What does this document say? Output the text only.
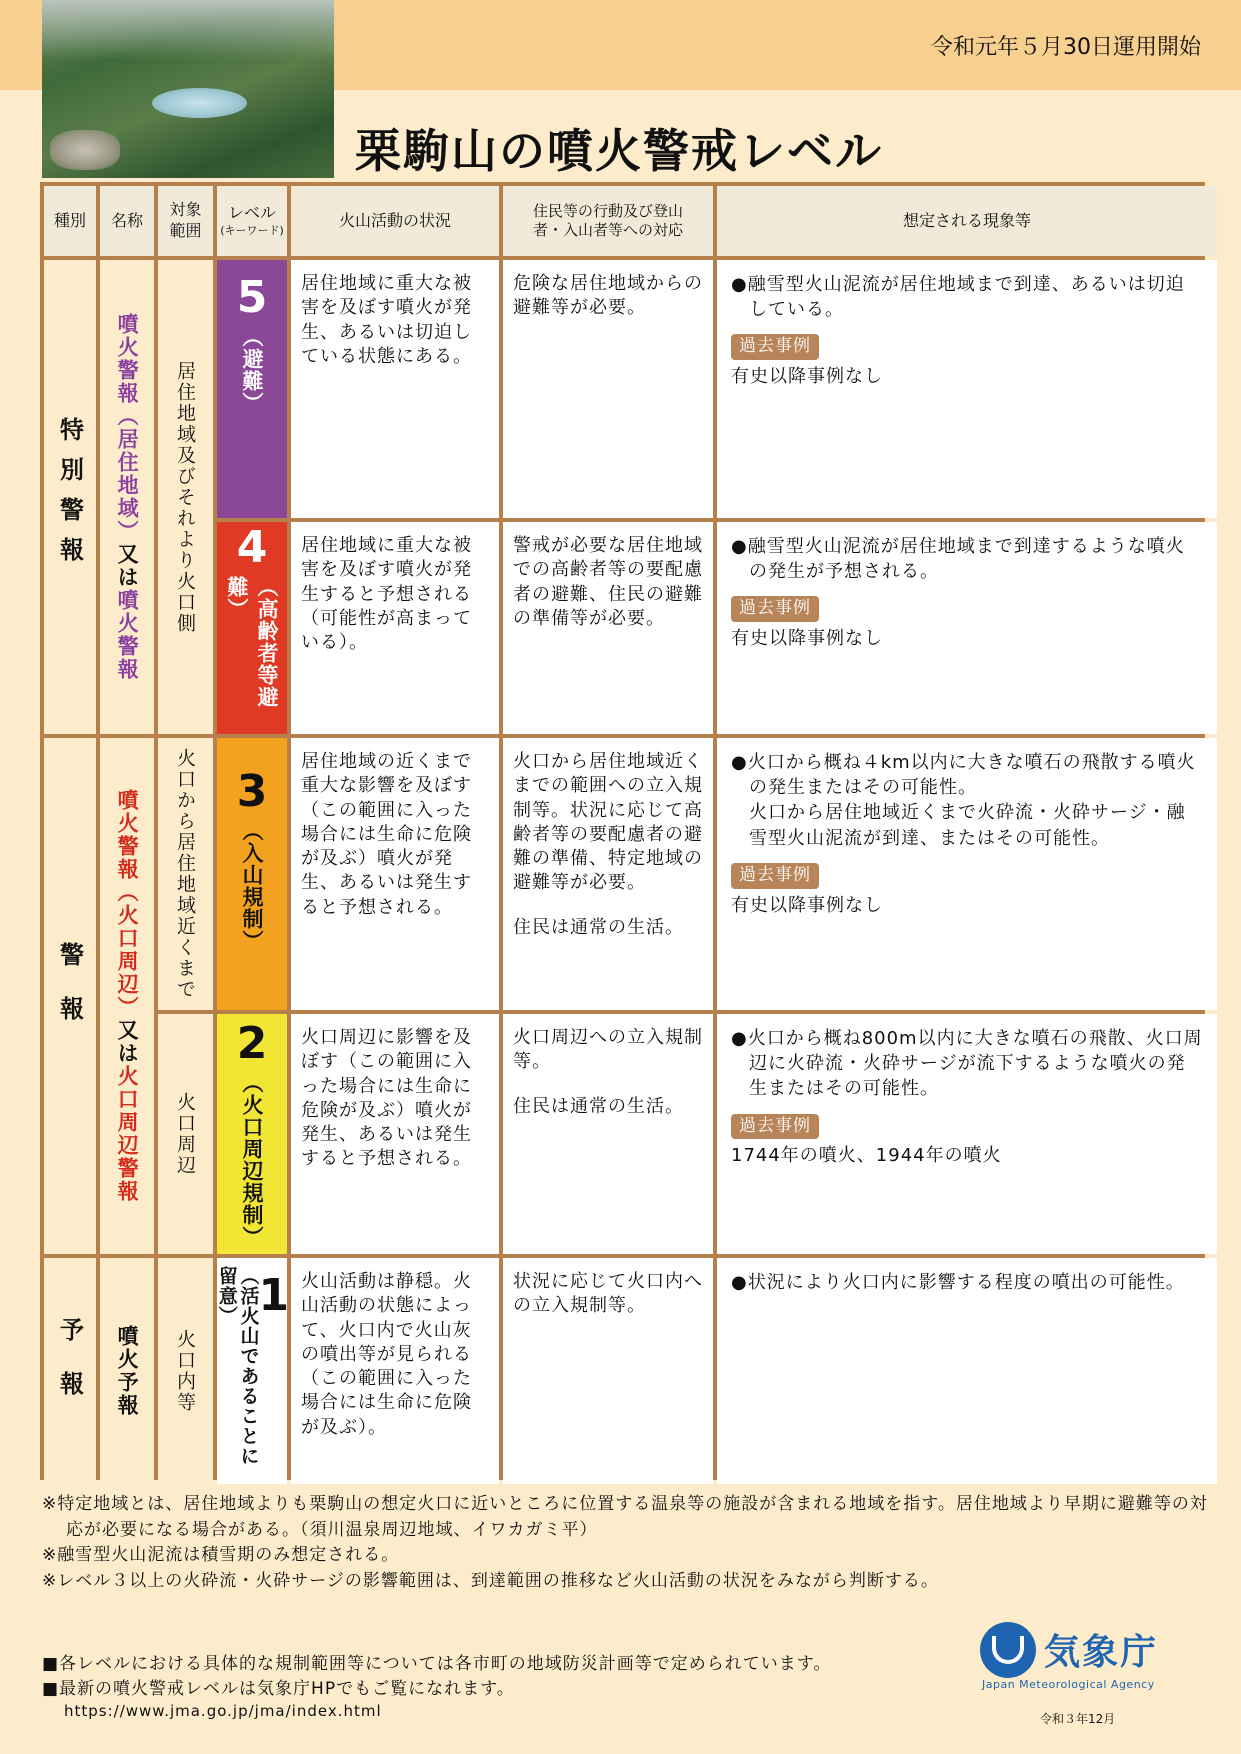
令和元年５月30日運用開始
栗駒山の噴火警戒レベル
種別	名称
対象範囲
レベル
(キーワード)
火山活動の状況
住民等の行動及び登山者・入山者等への対応
想定される現象等
特別警報
警報
予報
噴火警報（居住地域）又は噴火警報
噴火警報（火口周辺）又は火口周辺警報
噴火予報
居住地域及びそれより火口側
火口から居住地域近くまで
火口周辺
火口内等
5
（避難）
居住地域に重大な被害を及ぼす噴火が発生、あるいは切迫している状態にある。
危険な居住地域からの避難等が必要。

●融雪型火山泥流が居住地域まで到達、あるいは切迫している。

過去事例

有史以降事例なし

4
（高齢者等避難）
居住地域に重大な被害を及ぼす噴火が発生すると予想される（可能性が高まっている）。
警戒が必要な居住地域での高齢者等の要配慮者の避難、住民の避難の準備等が必要。

●融雪型火山泥流が居住地域まで到達するような噴火の発生が予想される。

過去事例

有史以降事例なし

3
（入山規制）
居住地域の近くまで重大な影響を及ぼす（この範囲に入った場合には生命に危険が及ぶ）噴火が発生、あるいは発生すると予想される。

火口から居住地域近くまでの範囲への立入規制等。状況に応じて高齢者等の要配慮者の避難の準備、特定地域の避難等が必要。

住民は通常の生活。

●火口から概ね４km以内に大きな噴石の飛散する噴火の発生またはその可能性。

火口から居住地域近くまで火砕流・火砕サージ・融雪型火山泥流が到達、またはその可能性。

過去事例

有史以降事例なし

2
（火口周辺規制）
火口周辺に影響を及ぼす（この範囲に入った場合には生命に危険が及ぶ）噴火が発生、あるいは発生すると予想される。

火口周辺への立入規制等。

住民は通常の生活。

●火口から概ね800m以内に大きな噴石の飛散、火口周辺に火砕流・火砕サージが流下するような噴火の発生またはその可能性。

過去事例

1744年の噴火、1944年の噴火

（活火山であることに留意） 1 火山活動は静穏。火山活動の状態によって、火口内で火山灰の噴出等が見られる（この範囲に入った場合には生命に危険が及ぶ）。
状況に応じて火口内への立入規制等。

●状況により火口内に影響する程度の噴出の可能性。

※特定地域とは、居住地域よりも栗駒山の想定火口に近いところに位置する温泉等の施設が含まれる地域を指す。居住地域より早期に避難等の対応が必要になる場合がある。（須川温泉周辺地域、イワカガミ平）
※融雪型火山泥流は積雪期のみ想定される。
※レベル３以上の火砕流・火砕サージの影響範囲は、到達範囲の推移など火山活動の状況をみながら判断する。
■各レベルにおける具体的な規制範囲等については各市町の地域防災計画等で定められています。
■最新の噴火警戒レベルは気象庁HPでもご覧になれます。
https://www.jma.go.jp/jma/index.html
気象庁
Japan Meteorological Agency
令和３年12月
